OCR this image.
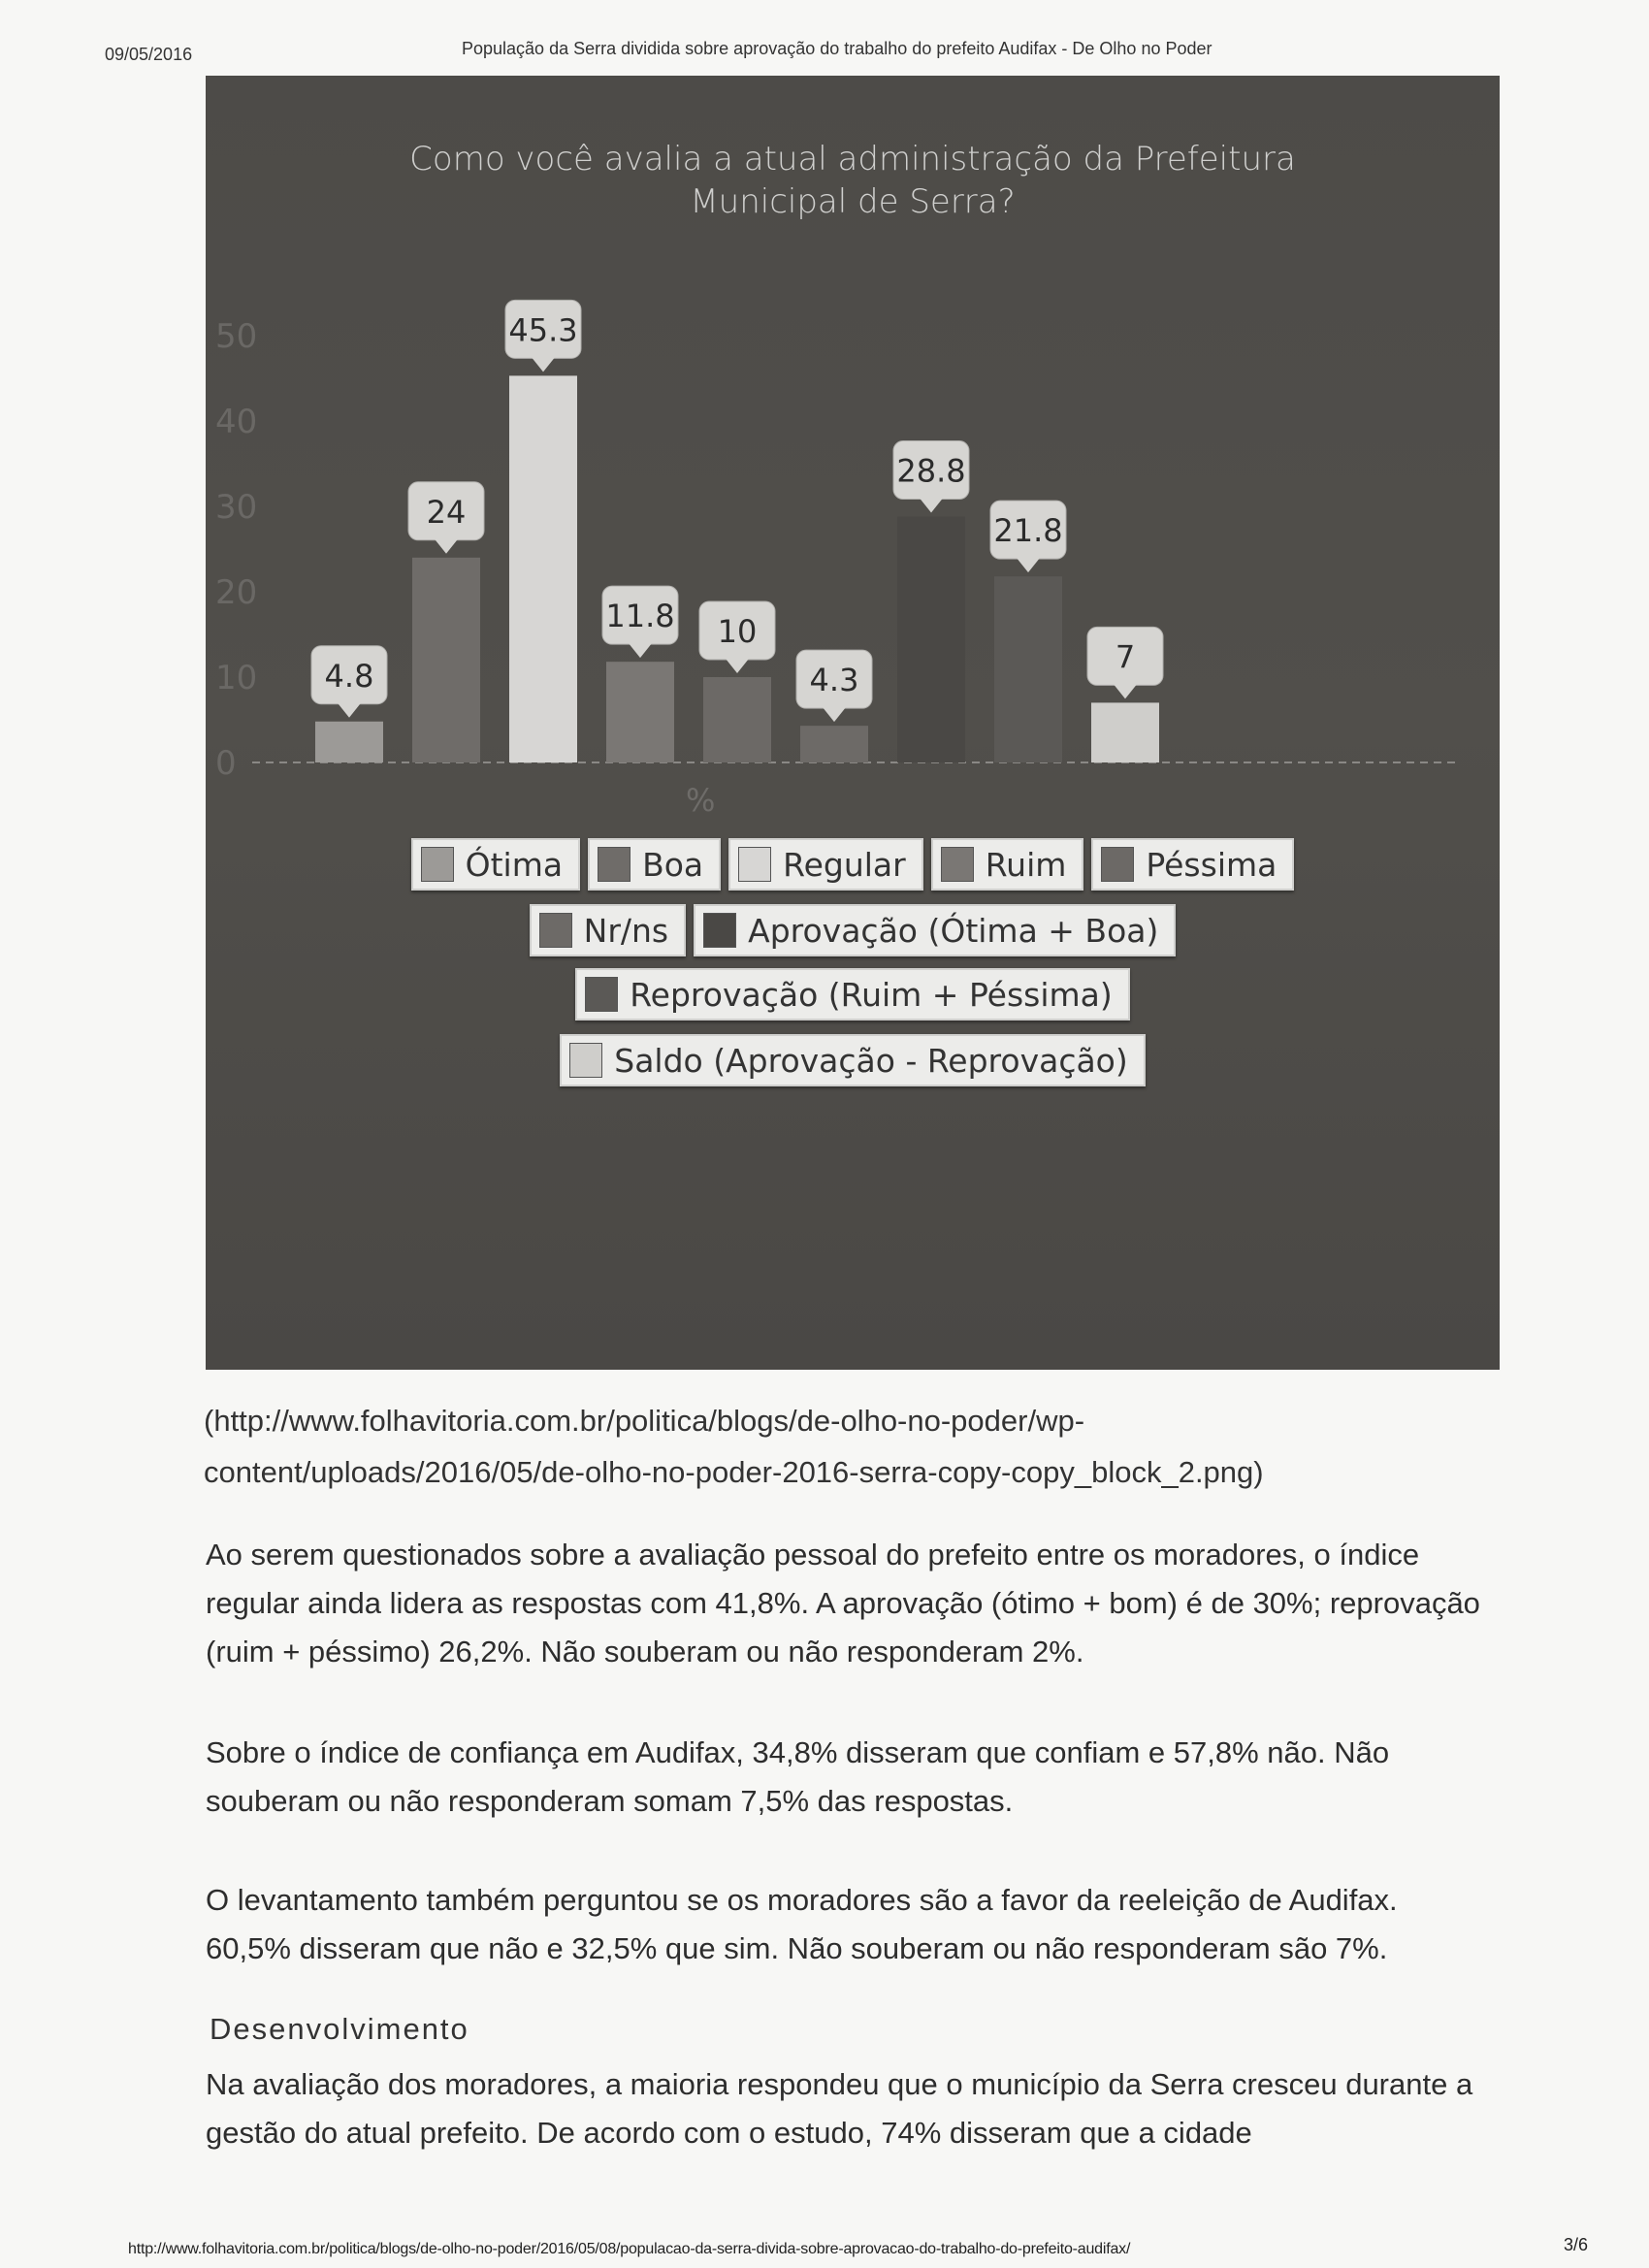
09/05/2016	População da Serra dividida sobre aprovação do trabalho do prefeito Audifax - De Olho no Poder
Como você avalia a atual administração da Prefeitura
Municipal de Serra?
0
10
20
30
40
50
%
4.8
24
45.3
11.8 10
4.3
28.8
21.8
7
Ótima Boa Regular Ruim Péssima
Nr/ns Aprovação (Ótima + Boa)
Reprovação (Ruim + Péssima)
Saldo (Aprovação - Reprovação)
(http://www.folhavitoria.com.br/politica/blogs/de-olho-no-poder/wp-content/uploads/2016/05/de-olho-no-poder-2016-serra-copy-copy_block_2.png)

Ao serem questionados sobre a avaliação pessoal do prefeito entre os moradores, o índice regular ainda lidera as respostas com 41,8%. A aprovação (ótimo + bom) é de 30%; reprovação (ruim + péssimo) 26,2%. Não souberam ou não responderam 2%.

Sobre o índice de confiança em Audifax, 34,8% disseram que confiam e 57,8% não. Não souberam ou não responderam somam 7,5% das respostas.

O levantamento também perguntou se os moradores são a favor da reeleição de Audifax. 60,5% disseram que não e 32,5% que sim. Não souberam ou não responderam são 7%.

Desenvolvimento

Na avaliação dos moradores, a maioria respondeu que o município da Serra cresceu durante a gestão do atual prefeito. De acordo com o estudo, 74% disseram que a cidade

http://www.folhavitoria.com.br/politica/blogs/de-olho-no-poder/2016/05/08/populacao-da-serra-divida-sobre-aprovacao-do-trabalho-do-prefeito-audifax/	3/6
